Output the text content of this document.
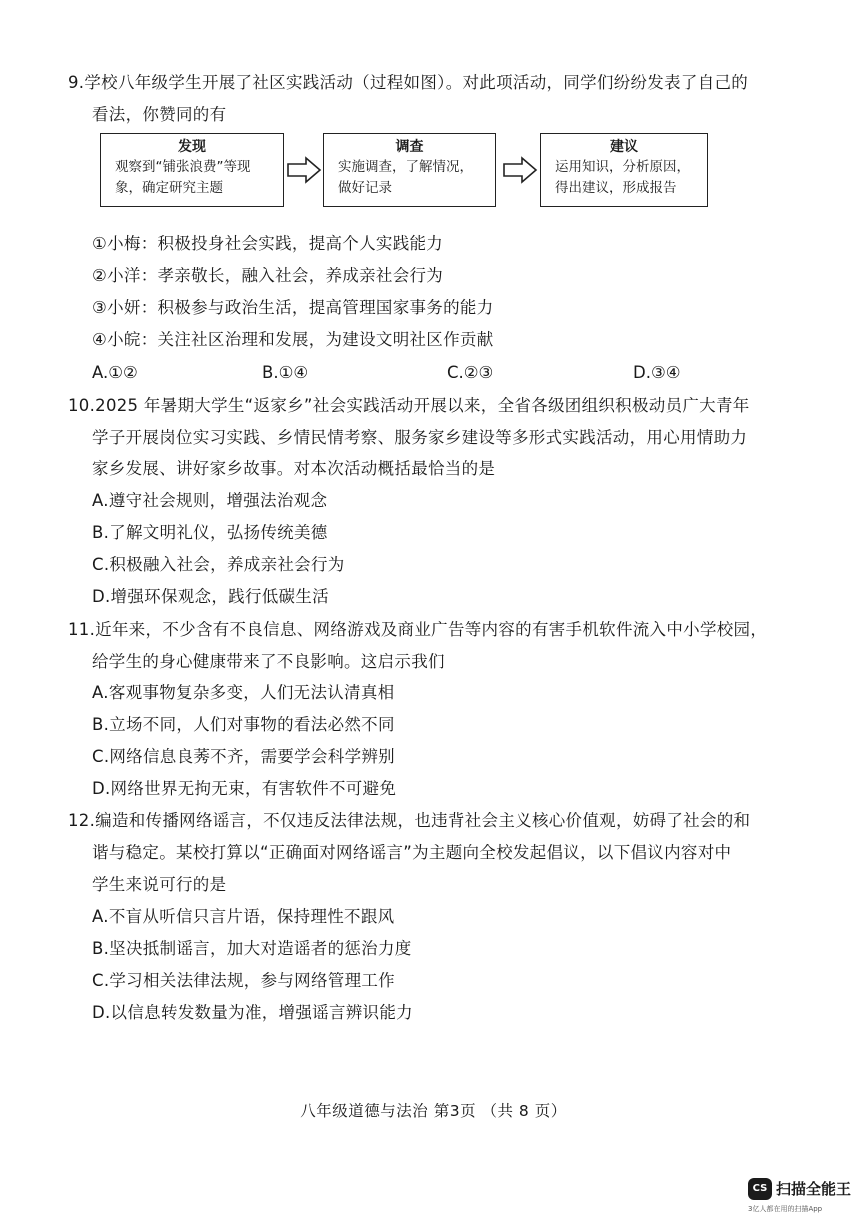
9.学校八年级学生开展了社区实践活动（过程如图）。对此项活动，同学们纷纷发表了自己的
看法，你赞同的有
发现
观察到“铺张浪费”等现
象，确定研究主题
调查
实施调查，了解情况，
做好记录
建议
运用知识，分析原因，
得出建议，形成报告
①小梅：积极投身社会实践，提高个人实践能力
②小洋：孝亲敬长，融入社会，养成亲社会行为
③小妍：积极参与政治生活，提高管理国家事务的能力
④小皖：关注社区治理和发展，为建设文明社区作贡献
A.①②	B.①④	C.②③	D.③④
10.2025 年暑期大学生“返家乡”社会实践活动开展以来，全省各级团组织积极动员广大青年
学子开展岗位实习实践、乡情民情考察、服务家乡建设等多形式实践活动，用心用情助力
家乡发展、讲好家乡故事。对本次活动概括最恰当的是
A.遵守社会规则，增强法治观念
B.了解文明礼仪，弘扬传统美德
C.积极融入社会，养成亲社会行为
D.增强环保观念，践行低碳生活
11.近年来，不少含有不良信息、网络游戏及商业广告等内容的有害手机软件流入中小学校园，
给学生的身心健康带来了不良影响。这启示我们
A.客观事物复杂多变，人们无法认清真相
B.立场不同，人们对事物的看法必然不同
C.网络信息良莠不齐，需要学会科学辨别
D.网络世界无拘无束，有害软件不可避免
12.编造和传播网络谣言，不仅违反法律法规，也违背社会主义核心价值观，妨碍了社会的和
谐与稳定。某校打算以“正确面对网络谣言”为主题向全校发起倡议，以下倡议内容对中
学生来说可行的是
A.不盲从听信只言片语，保持理性不跟风
B.坚决抵制谣言，加大对造谣者的惩治力度
C.学习相关法律法规，参与网络管理工作
D.以信息转发数量为准，增强谣言辨识能力
八年级道德与法治 第3页 （共 8 页）
CS 扫描全能王
3亿人都在用的扫描App
